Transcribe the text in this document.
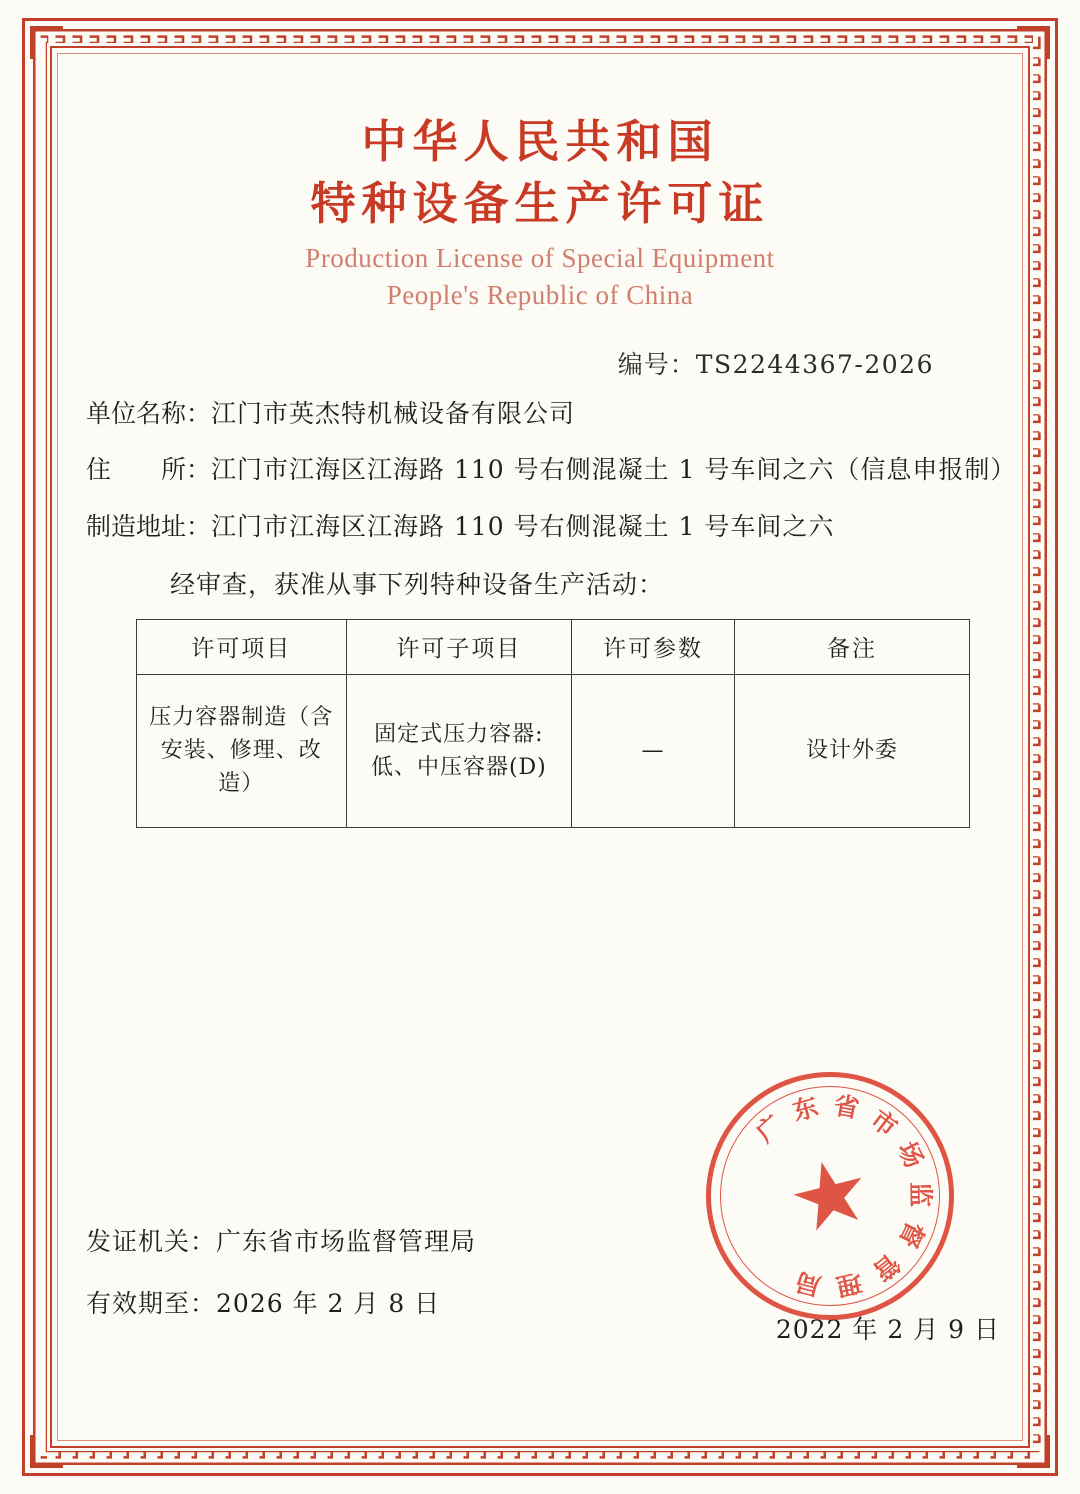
中华人民共和国
特种设备生产许可证
Production License of Special Equipment
People's Republic of China
编号：TS2244367-2026
单位名称： 江门市英杰特机械设备有限公司
住　　所： 江门市江海区江海路 110 号右侧混凝土 1 号车间之六（信息申报制）
制造地址： 江门市江海区江海路 110 号右侧混凝土 1 号车间之六
经审查，获准从事下列特种设备生产活动：
许可项目	许可子项目	许可参数	备注
压力容器制造（含安装、修理、改造）	固定式压力容器:低、中压容器(D)	—	设计外委
发证机关： 广东省市场监督管理局
有效期至： 2026 年 2 月 8 日
2022 年 2 月 9 日
广
东 省 市
场
监
督
管
理
局
